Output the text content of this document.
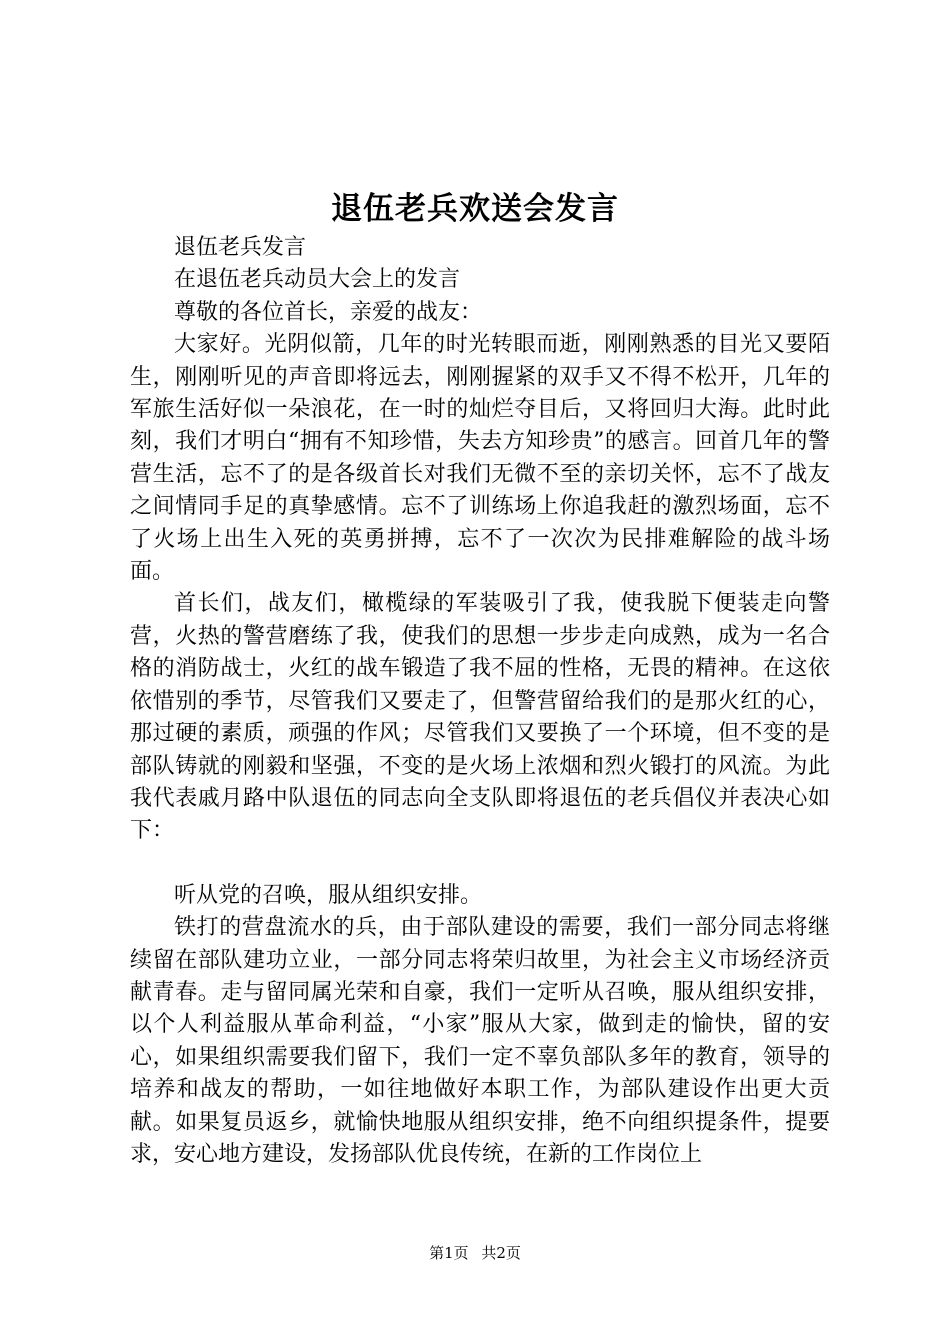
退伍老兵欢送会发言

退伍老兵发言

在退伍老兵动员大会上的发言

尊敬的各位首长，亲爱的战友：

大家好。光阴似箭，几年的时光转眼而逝，刚刚熟悉的目光又要陌生，刚刚听见的声音即将远去，刚刚握紧的双手又不得不松开，几年的军旅生活好似一朵浪花，在一时的灿烂夺目后，又将回归大海。此时此刻，我们才明白“拥有不知珍惜，失去方知珍贵”的感言。回首几年的警营生活，忘不了的是各级首长对我们无微不至的亲切关怀，忘不了战友之间情同手足的真挚感情。忘不了训练场上你追我赶的激烈场面，忘不了火场上出生入死的英勇拼搏，忘不了一次次为民排难解险的战斗场面。

首长们，战友们，橄榄绿的军装吸引了我，使我脱下便装走向警营，火热的警营磨练了我，使我们的思想一步步走向成熟，成为一名合格的消防战士，火红的战车锻造了我不屈的性格，无畏的精神。在这依依惜别的季节，尽管我们又要走了，但警营留给我们的是那火红的心，那过硬的素质，顽强的作风；尽管我们又要换了一个环境，但不变的是部队铸就的刚毅和坚强，不变的是火场上浓烟和烈火锻打的风流。为此我代表戚月路中队退伍的同志向全支队即将退伍的老兵倡仪并表决心如下：

听从党的召唤，服从组织安排。

铁打的营盘流水的兵，由于部队建设的需要，我们一部分同志将继续留在部队建功立业，一部分同志将荣归故里，为社会主义市场经济贡献青春。走与留同属光荣和自豪，我们一定听从召唤，服从组织安排，以个人利益服从革命利益，“小家”服从大家，做到走的愉快，留的安心，如果组织需要我们留下，我们一定不辜负部队多年的教育，领导的培养和战友的帮助，一如往地做好本职工作，为部队建设作出更大贡献。如果复员返乡，就愉快地服从组织安排，绝不向组织提条件，提要求，安心地方建设，发扬部队优良传统，在新的工作岗位上

第1页 共2页
